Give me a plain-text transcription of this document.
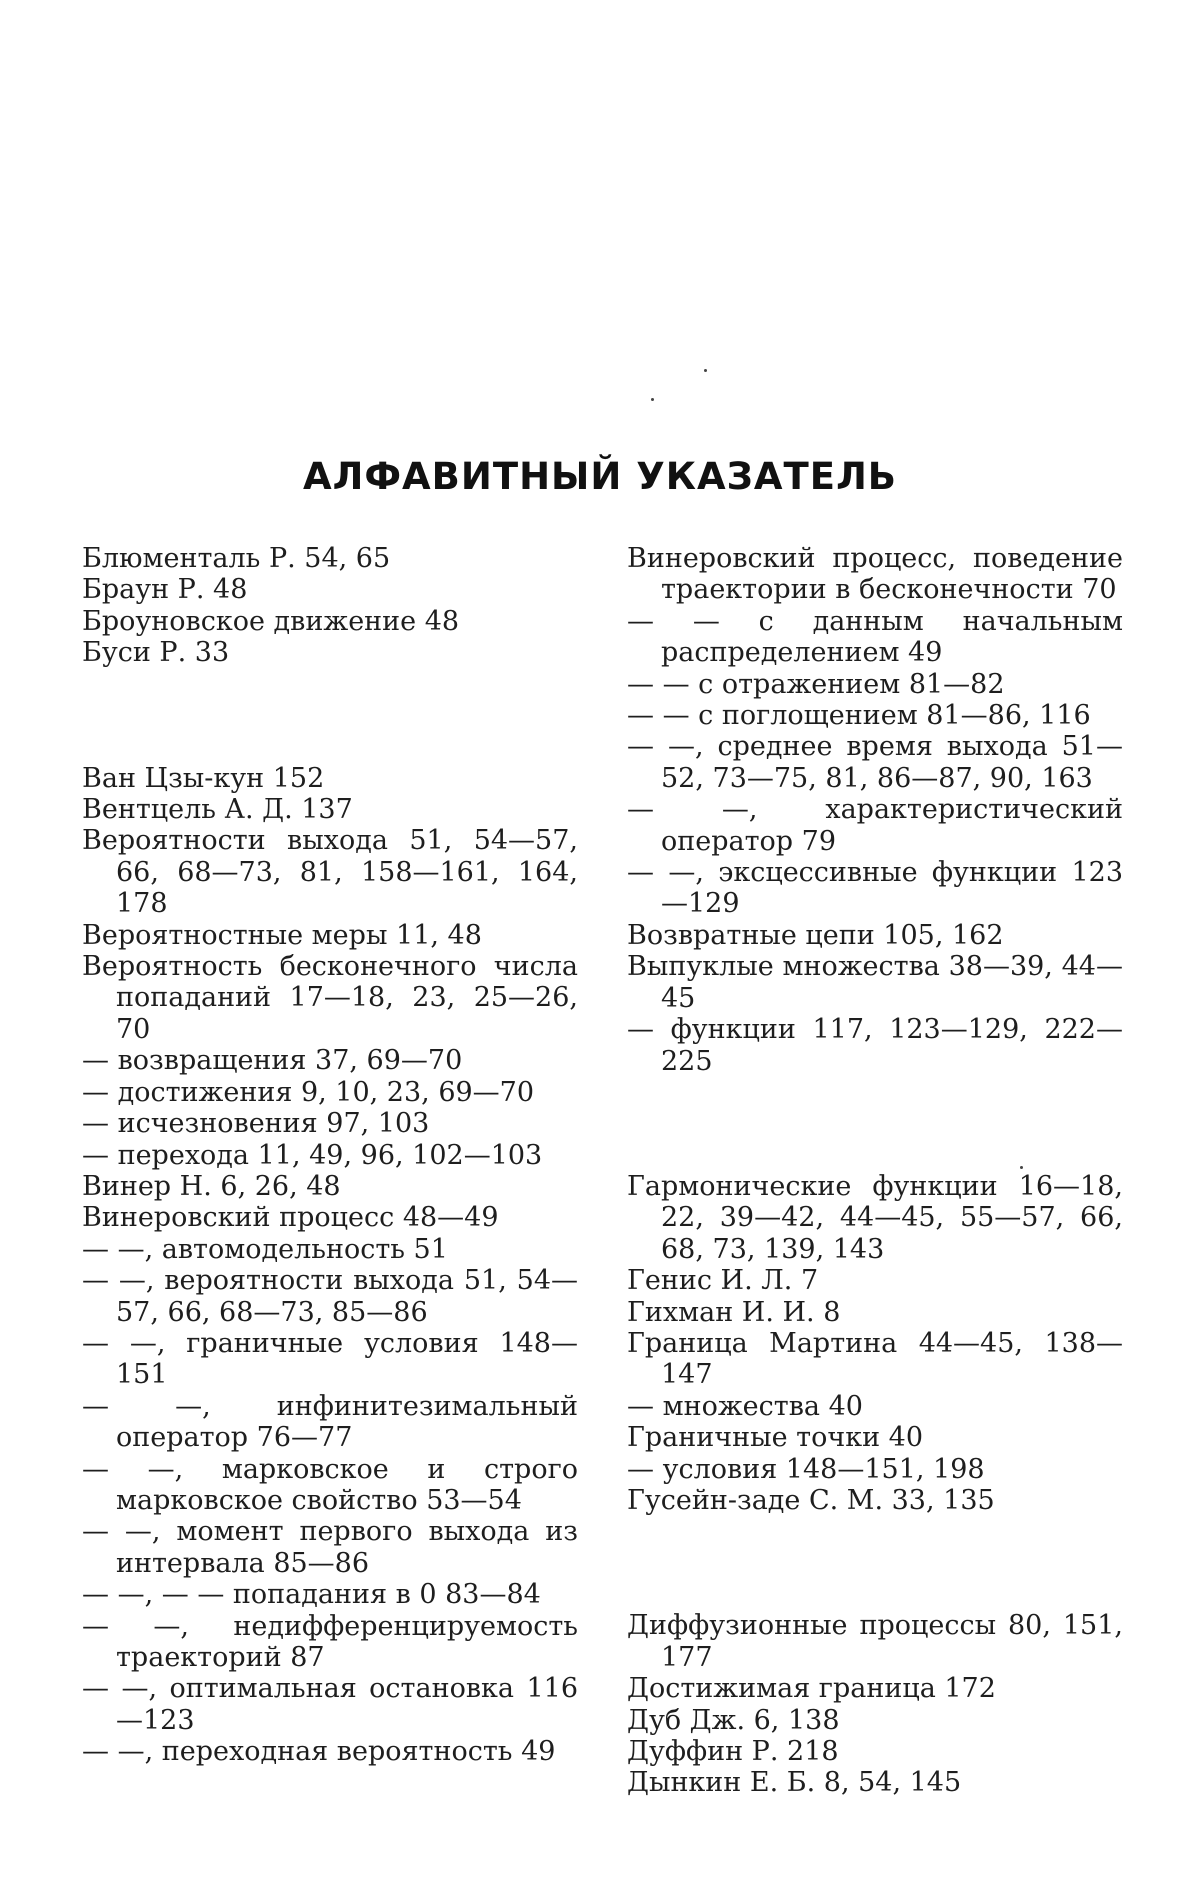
АЛФАВИТНЫЙ УКАЗАТЕЛЬ
Блюменталь Р. 54, 65
Браун Р. 48
Броуновское движение 48
Буси Р. 33
Ван Цзы-кун 152
Вентцель А. Д. 137
Вероятности выхода 51, 54—57, 66, 68—73, 81, 158—161, 164, 178
Вероятностные меры 11, 48
Вероятность бесконечного числа попаданий 17—18, 23, 25—26, 70
— возвращения 37, 69—70
— достижения 9, 10, 23, 69—70
— исчезновения 97, 103
— перехода 11, 49, 96, 102—103
Винер Н. 6, 26, 48
Винеровский процесс 48—49
— —, автомодельность 51
— —, вероятности выхода 51, 54—57, 66, 68—73, 85—86
— —, граничные условия 148—151
— —, инфинитезимальный оператор 76—77
— —, марковское и строго марковское свойство 53—54
— —, момент первого выхода из интервала 85—86
— —, — — попадания в 0 83—84
— —, недифференцируемость траекторий 87
— —, оптимальная остановка 116—123
— —, переходная вероятность 49
Винеровский процесс, поведение траектории в бесконечности 70
— — с данным начальным распределением 49
— — с отражением 81—82
— — с поглощением 81—86, 116
— —, среднее время выхода 51—52, 73—75, 81, 86—87, 90, 163
— —, характеристический оператор 79
— —, эксцессивные функции 123—129
Возвратные цепи 105, 162
Выпуклые множества 38—39, 44—45
— функции 117, 123—129, 222—225
Гармонические функции 16—18, 22, 39—42, 44—45, 55—57, 66, 68, 73, 139, 143
Генис И. Л. 7
Гихман И. И. 8
Граница Мартина 44—45, 138—147
— множества 40
Граничные точки 40
— условия 148—151, 198
Гусейн-заде С. М. 33, 135
Диффузионные процессы 80, 151, 177
Достижимая граница 172
Дуб Дж. 6, 138
Дуффин Р. 218
Дынкин Е. Б. 8, 54, 145
